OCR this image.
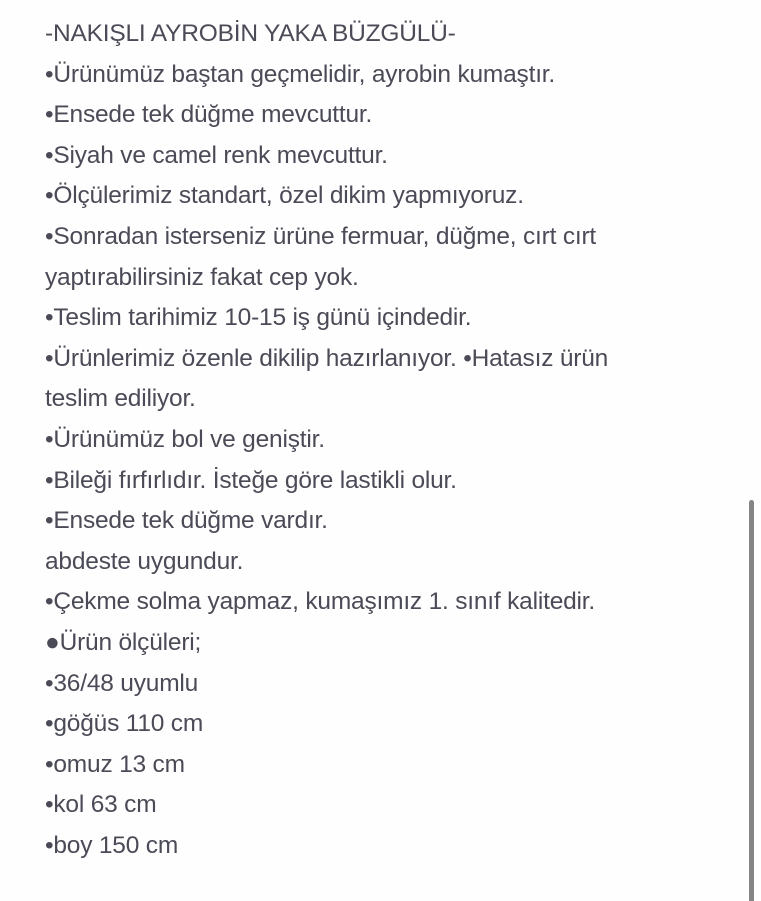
-NAKIŞLI AYROBİN YAKA BÜZGÜLÜ-
•Ürünümüz baştan geçmelidir, ayrobin kumaştır.
•Ensede tek düğme mevcuttur.
•Siyah ve camel renk mevcuttur.
•Ölçülerimiz standart, özel dikim yapmıyoruz.
•Sonradan isterseniz ürüne fermuar, düğme, cırt cırt
yaptırabilirsiniz fakat cep yok.
•Teslim tarihimiz 10-15 iş günü içindedir.
•Ürünlerimiz özenle dikilip hazırlanıyor. •Hatasız ürün
teslim ediliyor.
•Ürünümüz bol ve geniştir.
•Bileği fırfırlıdır. İsteğe göre lastikli olur.
•Ensede tek düğme vardır.
abdeste uygundur.
•Çekme solma yapmaz, kumaşımız 1. sınıf kalitedir.
●Ürün ölçüleri;
•36/48 uyumlu
•göğüs 110 cm
•omuz 13 cm
•kol 63 cm
•boy 150 cm
